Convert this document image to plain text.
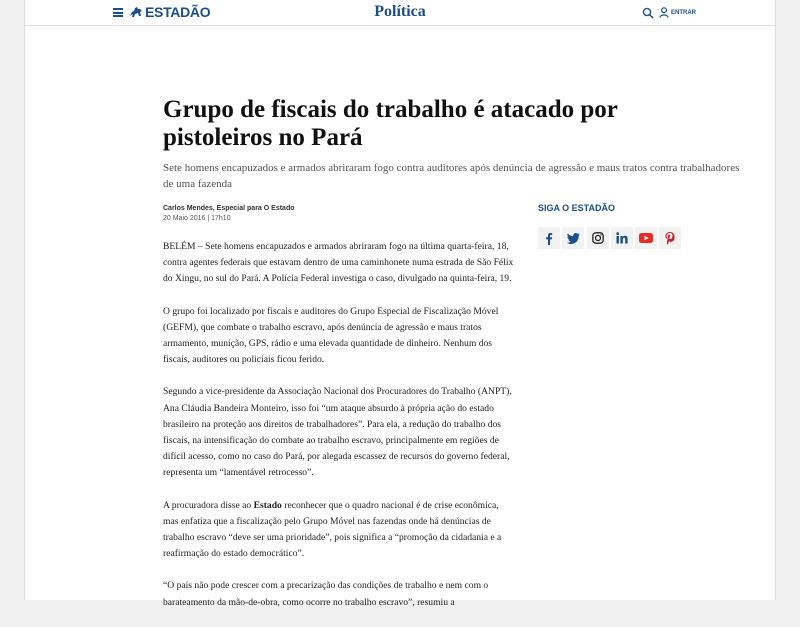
ESTADÃO	Política	ENTRAR
Grupo de fiscais do trabalho é atacado por pistoleiros no Pará

Sete homens encapuzados e armados abriraram fogo contra auditores após denúncia de agressão e maus tratos contra trabalhadores de uma fazenda

Carlos Mendes, Especial para O Estado
20 Maio 2016 | 17h10

BELÉM – Sete homens encapuzados e armados abriraram fogo na última quarta-feira, 18, contra agentes federais que estavam dentro de uma caminhonete numa estrada de São Félix do Xingu, no sul do Pará. A Polícia Federal investiga o caso, divulgado na quinta-feira, 19.

O grupo foi localizado por fiscais e auditores do Grupo Especial de Fiscalização Móvel (GEFM), que combate o trabalho escravo, após denúncia de agressão e maus tratos armamento, munição, GPS, rádio e uma elevada quantidade de dinheiro. Nenhum dos fiscais, auditores ou policiais ficou ferido.

Segundo a vice-presidente da Associação Nacional dos Procuradores do Trabalho (ANPT), Ana Cláudia Bandeira Monteiro, isso foi “um ataque absurdo à própria ação do estado brasileiro na proteção aos direitos de trabalhadores”. Para ela, a redução do trabalho dos fiscais, na intensificação do combate ao trabalho escravo, principalmente em regiões de difícil acesso, como no caso do Pará, por alegada escassez de recursos do governo federal, representa um “lamentável retrocesso”.

A procuradora disse ao Estado reconhecer que o quadro nacional é de crise econômica, mas enfatiza que a fiscalização pelo Grupo Móvel nas fazendas onde há denúncias de trabalho escravo “deve ser uma prioridade”, pois significa a “promoção da cidadania e a reafirmação do estado democrático”.

“O país não pode crescer com a precarização das condições de trabalho e nem com o barateamento da mão-de-obra, como ocorre no trabalho escravo”, resumiu a

SIGA O ESTADÃO
